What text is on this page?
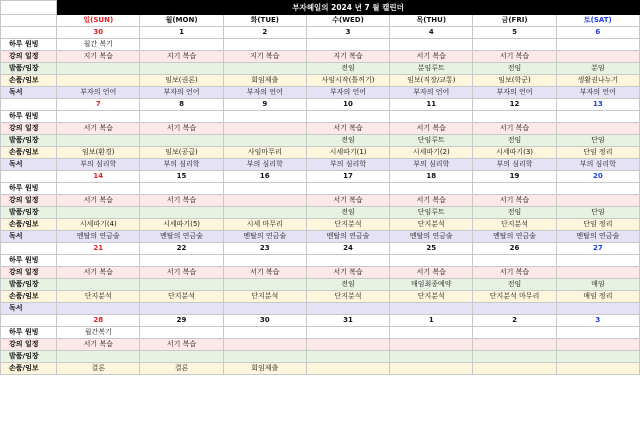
	부자헤일의 2024 년 7 월 캘린더						
	일(SUN)	월(MON)	화(TUE)	수(WED)	목(THU)	금(FRI)	토(SAT)
	30	1	2	3	4	5	6
하루 원빙	월간 복기						
강의 일정	지기 복습	지기 복습	지기 복습	지기 복습	서기 복습	서기 복습	
발품/임장				전임	분임루트	전임	분임
손품/임보		임보(권론)	회임제출	사임시작(틀꺼기)	임보(직장/교통)	임보(학군)	생활권나누기
독서	부자의 언어	부자의 언어	부자의 언어	부자의 언어	부자의 언어	부자의 언어	부자의 언어
	7	8	9	10	11	12	13
하루 원빙							
강의 일정	서기 복습	서기 복습		서기 복습	서기 복습	서기 복습	
발품/임장				전임	단임루트	전임	단임
손품/임보	임보(환경)	임보(공급)	사임마무리	시세따기(1)	시세따기(2)	시세따기(3)	단임 정리
독서	부의 심리학	부의 심리학	부의 심리학	부의 심리학	부의 심리학	부의 심리학	부의 심리학
	14	15	16	17	18	19	20
하루 원빙							
강의 일정	서기 복습	서기 복습		서기 복습	서기 복습	서기 복습	
발품/임장				전임	단임루트	전임	단임
손품/임보	시세따기(4)	시세따기(5)	시세 마무리	단지분석	단지분석	단지분석	단임 정리
독서	멘탈의 연금술	멘탈의 연금술	멘탈의 연금술	멘탈의 연금술	멘탈의 연금술	멘탈의 연금술	멘탈의 연금술
	21	22	23	24	25	26	27
하루 원빙							
강의 일정	서기 복습	서기 복습	서기 복습	서기 복습	서기 복습	서기 복습	
발품/임장				전임	매임최종예약	전임	매임
손품/임보	단지분석	단지분석	단지분석	단지분석	단지분석	단지분석 마무리	매임 정리
독서							
	28	29	30	31	1	2	3
하루 원빙	월간복기						
강의 일정	서기 복습	서기 복습					
발품/임장							
손품/임보	결론	결론	회임제출				
